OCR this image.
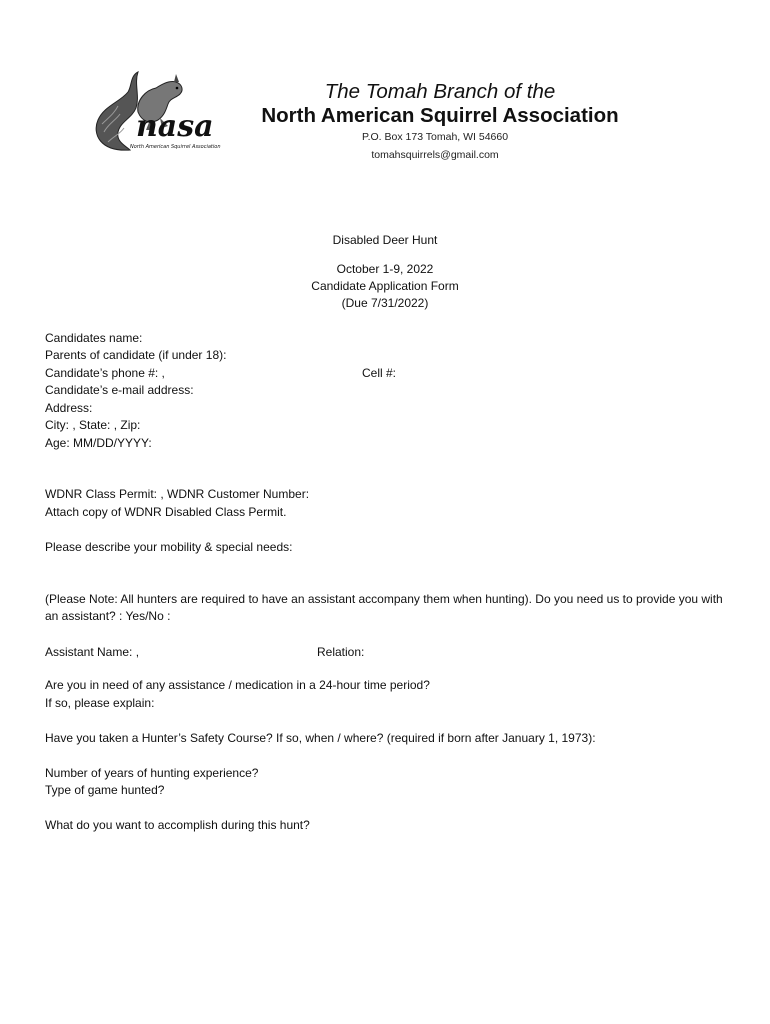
nasa
North American Squirrel Association
The Tomah Branch of the
North American Squirrel Association
P.O. Box 173 Tomah, WI 54660
tomahsquirrels@gmail.com
Disabled Deer Hunt
October 1-9, 2022
Candidate Application Form
(Due 7/31/2022)
Candidates name:
Parents of candidate (if under 18):
Candidate’s phone #: ,	Cell #:
Candidate’s e-mail address:
Address:
City: , State: , Zip:
Age: MM/DD/YYYY:
WDNR Class Permit: , WDNR Customer Number:
Attach copy of WDNR Disabled Class Permit.
Please describe your mobility & special needs:
(Please Note: All hunters are required to have an assistant accompany them when hunting). Do you need us to provide you with an assistant? : Yes/No :
Assistant Name: ,	Relation:
Are you in need of any assistance / medication in a 24-hour time period?
If so, please explain:
Have you taken a Hunter’s Safety Course? If so, when / where? (required if born after January 1, 1973):
Number of years of hunting experience?
Type of game hunted?
What do you want to accomplish during this hunt?
